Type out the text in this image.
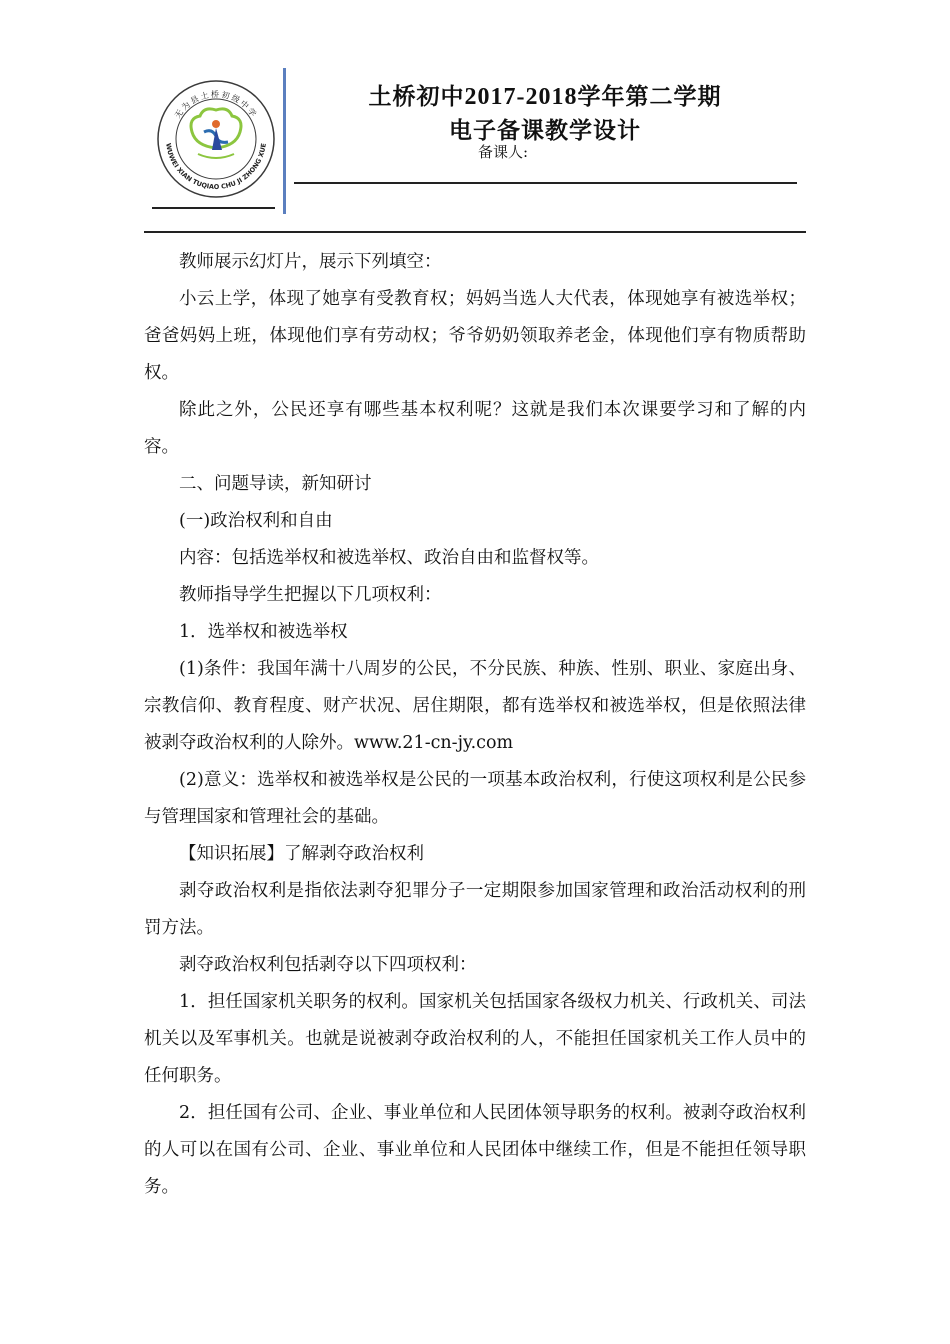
无为县土桥初级中学
WUWEI XIAN TUQIAO CHU JI ZHONG XUE
土桥初中2017-2018学年第二学期
电子备课教学设计
备课人:

教师展示幻灯片，展示下列填空：

小云上学，体现了她享有受教育权；妈妈当选人大代表，体现她享有被选举权；爸爸妈妈上班，体现他们享有劳动权；爷爷奶奶领取养老金，体现他们享有物质帮助权。

除此之外，公民还享有哪些基本权利呢？这就是我们本次课要学习和了解的内容。

二、问题导读，新知研讨

(一)政治权利和自由

内容：包括选举权和被选举权、政治自由和监督权等。

教师指导学生把握以下几项权利：

1．选举权和被选举权

(1)条件：我国年满十八周岁的公民，不分民族、种族、性别、职业、家庭出身、宗教信仰、教育程度、财产状况、居住期限，都有选举权和被选举权，但是依照法律被剥夺政治权利的人除外。www.21-cn-jy.com

(2)意义：选举权和被选举权是公民的一项基本政治权利，行使这项权利是公民参与管理国家和管理社会的基础。

【知识拓展】了解剥夺政治权利

剥夺政治权利是指依法剥夺犯罪分子一定期限参加国家管理和政治活动权利的刑罚方法。

剥夺政治权利包括剥夺以下四项权利：

1．担任国家机关职务的权利。国家机关包括国家各级权力机关、行政机关、司法机关以及军事机关。也就是说被剥夺政治权利的人，不能担任国家机关工作人员中的任何职务。

2．担任国有公司、企业、事业单位和人民团体领导职务的权利。被剥夺政治权利的人可以在国有公司、企业、事业单位和人民团体中继续工作，但是不能担任领导职务。
